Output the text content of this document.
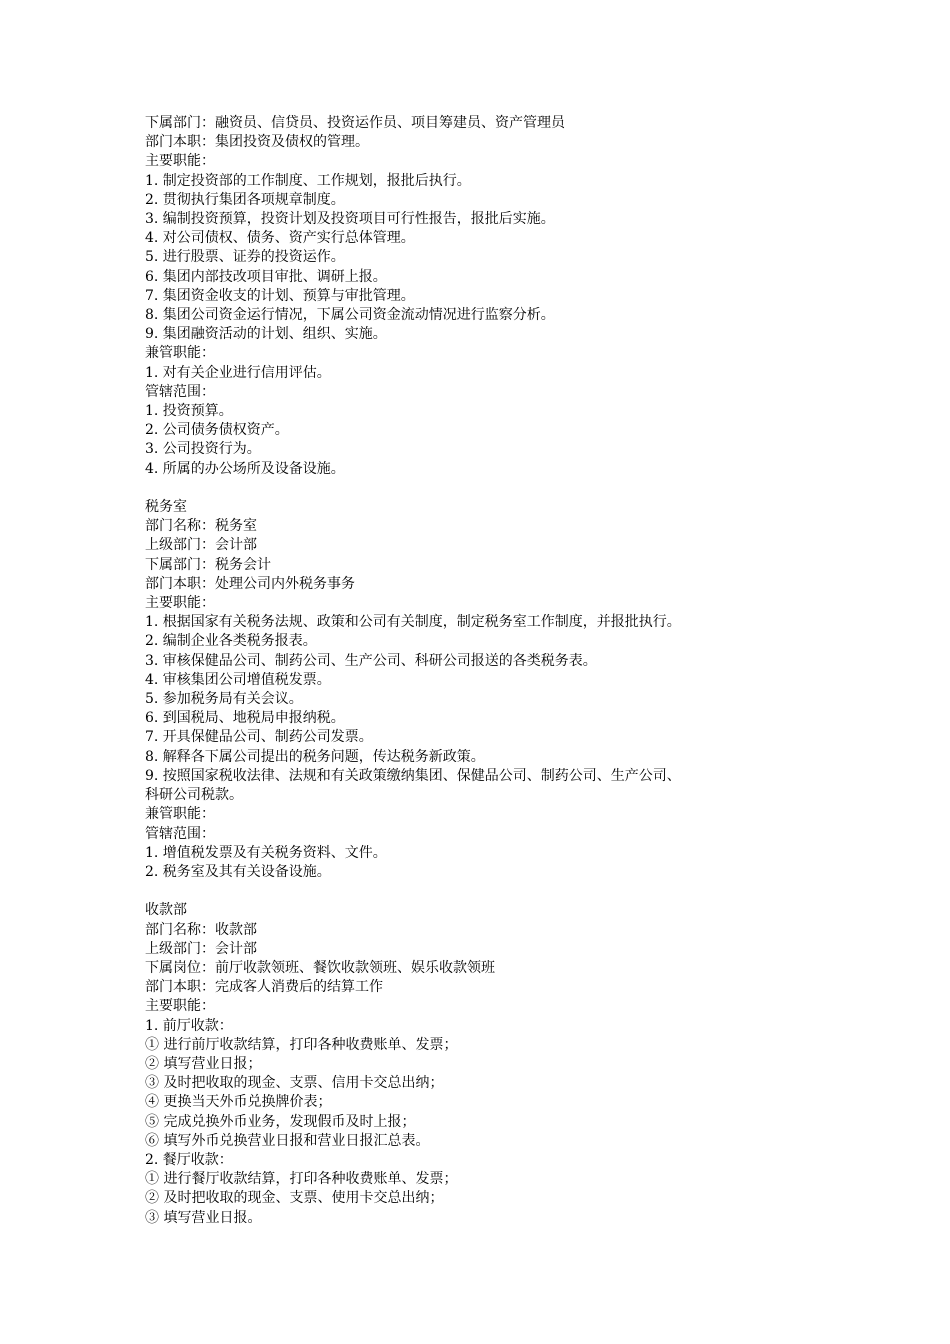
下属部门：融资员、信贷员、投资运作员、项目筹建员、资产管理员
部门本职：集团投资及债权的管理。
主要职能：
1. 制定投资部的工作制度、工作规划，报批后执行。
2. 贯彻执行集团各项规章制度。
3. 编制投资预算，投资计划及投资项目可行性报告，报批后实施。
4. 对公司债权、债务、资产实行总体管理。
5. 进行股票、证券的投资运作。
6. 集团内部技改项目审批、调研上报。
7. 集团资金收支的计划、预算与审批管理。
8. 集团公司资金运行情况，下属公司资金流动情况进行监察分析。
9. 集团融资活动的计划、组织、实施。
兼管职能：
1. 对有关企业进行信用评估。
管辖范围：
1. 投资预算。
2. 公司债务债权资产。
3. 公司投资行为。
4. 所属的办公场所及设备设施。
税务室
部门名称：税务室
上级部门：会计部
下属部门：税务会计
部门本职：处理公司内外税务事务
主要职能：
1. 根据国家有关税务法规、政策和公司有关制度，制定税务室工作制度，并报批执行。
2. 编制企业各类税务报表。
3. 审核保健品公司、制药公司、生产公司、科研公司报送的各类税务表。
4. 审核集团公司增值税发票。
5. 参加税务局有关会议。
6. 到国税局、地税局申报纳税。
7. 开具保健品公司、制药公司发票。
8. 解释各下属公司提出的税务问题，传达税务新政策。
9. 按照国家税收法律、法规和有关政策缴纳集团、保健品公司、制药公司、生产公司、
科研公司税款。
兼管职能：
管辖范围：
1. 增值税发票及有关税务资料、文件。
2. 税务室及其有关设备设施。
收款部
部门名称：收款部
上级部门：会计部
下属岗位：前厅收款领班、餐饮收款领班、娱乐收款领班
部门本职：完成客人消费后的结算工作
主要职能：
1. 前厅收款：
① 进行前厅收款结算，打印各种收费账单、发票；
② 填写营业日报；
③ 及时把收取的现金、支票、信用卡交总出纳；
④ 更换当天外币兑换牌价表；
⑤ 完成兑换外币业务，发现假币及时上报；
⑥ 填写外币兑换营业日报和营业日报汇总表。
2. 餐厅收款：
① 进行餐厅收款结算，打印各种收费账单、发票；
② 及时把收取的现金、支票、使用卡交总出纳；
③ 填写营业日报。
